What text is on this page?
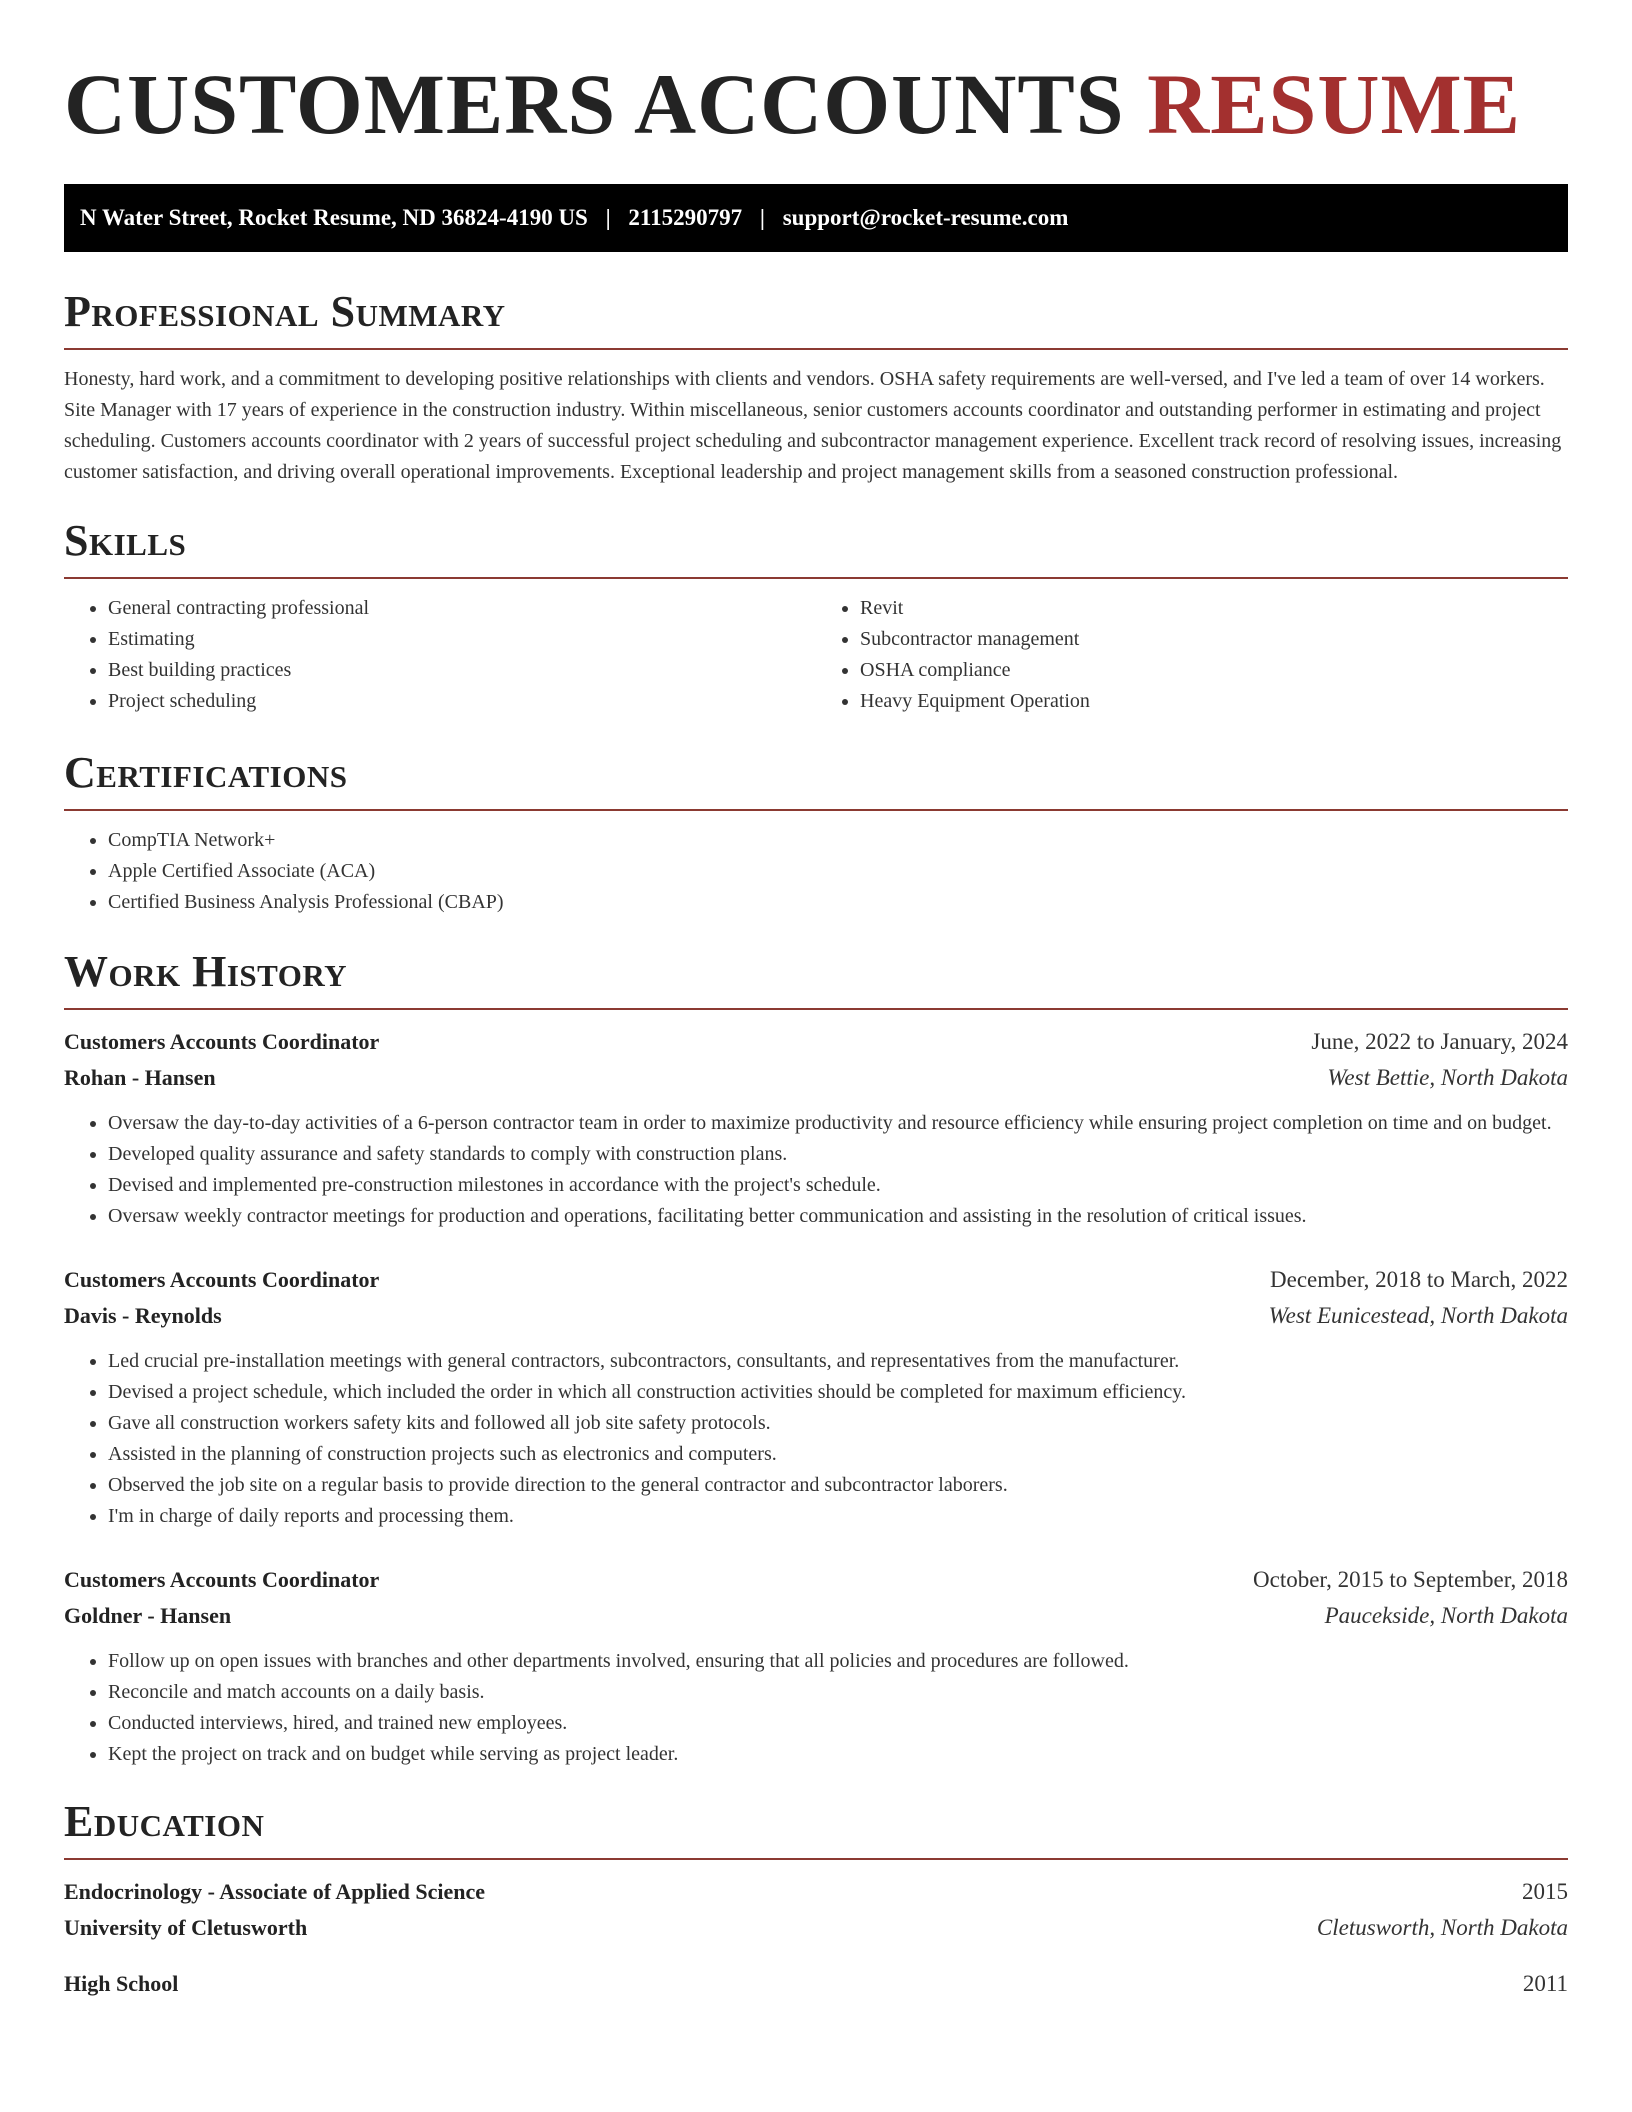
CUSTOMERS ACCOUNTS RESUME
N Water Street, Rocket Resume, ND 36824-4190 US | 2115290797 | support@rocket-resume.com
Professional Summary

Honesty, hard work, and a commitment to developing positive relationships with clients and vendors. OSHA safety requirements are well-versed, and I've led a team of over 14 workers. Site Manager with 17 years of experience in the construction industry. Within miscellaneous, senior customers accounts coordinator and outstanding performer in estimating and project scheduling. Customers accounts coordinator with 2 years of successful project scheduling and subcontractor management experience. Excellent track record of resolving issues, increasing customer satisfaction, and driving overall operational improvements. Exceptional leadership and project management skills from a seasoned construction professional.

Skills
• General contracting professional
• Estimating
• Best building practices
• Project scheduling
• Revit
• Subcontractor management
• OSHA compliance
• Heavy Equipment Operation
Certifications
• CompTIA Network+
• Apple Certified Associate (ACA)
• Certified Business Analysis Professional (CBAP)
Work History
Customers Accounts Coordinator	June, 2022 to January, 2024
Rohan - Hansen	West Bettie, North Dakota
• Oversaw the day-to-day activities of a 6-person contractor team in order to maximize productivity and resource efficiency while ensuring project completion on time and on budget.
• Developed quality assurance and safety standards to comply with construction plans.
• Devised and implemented pre-construction milestones in accordance with the project's schedule.
• Oversaw weekly contractor meetings for production and operations, facilitating better communication and assisting in the resolution of critical issues.
Customers Accounts Coordinator	December, 2018 to March, 2022
Davis - Reynolds	West Eunicestead, North Dakota
• Led crucial pre-installation meetings with general contractors, subcontractors, consultants, and representatives from the manufacturer.
• Devised a project schedule, which included the order in which all construction activities should be completed for maximum efficiency.
• Gave all construction workers safety kits and followed all job site safety protocols.
• Assisted in the planning of construction projects such as electronics and computers.
• Observed the job site on a regular basis to provide direction to the general contractor and subcontractor laborers.
• I'm in charge of daily reports and processing them.
Customers Accounts Coordinator	October, 2015 to September, 2018
Goldner - Hansen	Paucekside, North Dakota
• Follow up on open issues with branches and other departments involved, ensuring that all policies and procedures are followed.
• Reconcile and match accounts on a daily basis.
• Conducted interviews, hired, and trained new employees.
• Kept the project on track and on budget while serving as project leader.
Education
Endocrinology - Associate of Applied Science	2015
University of Cletusworth	Cletusworth, North Dakota
High School	2011
